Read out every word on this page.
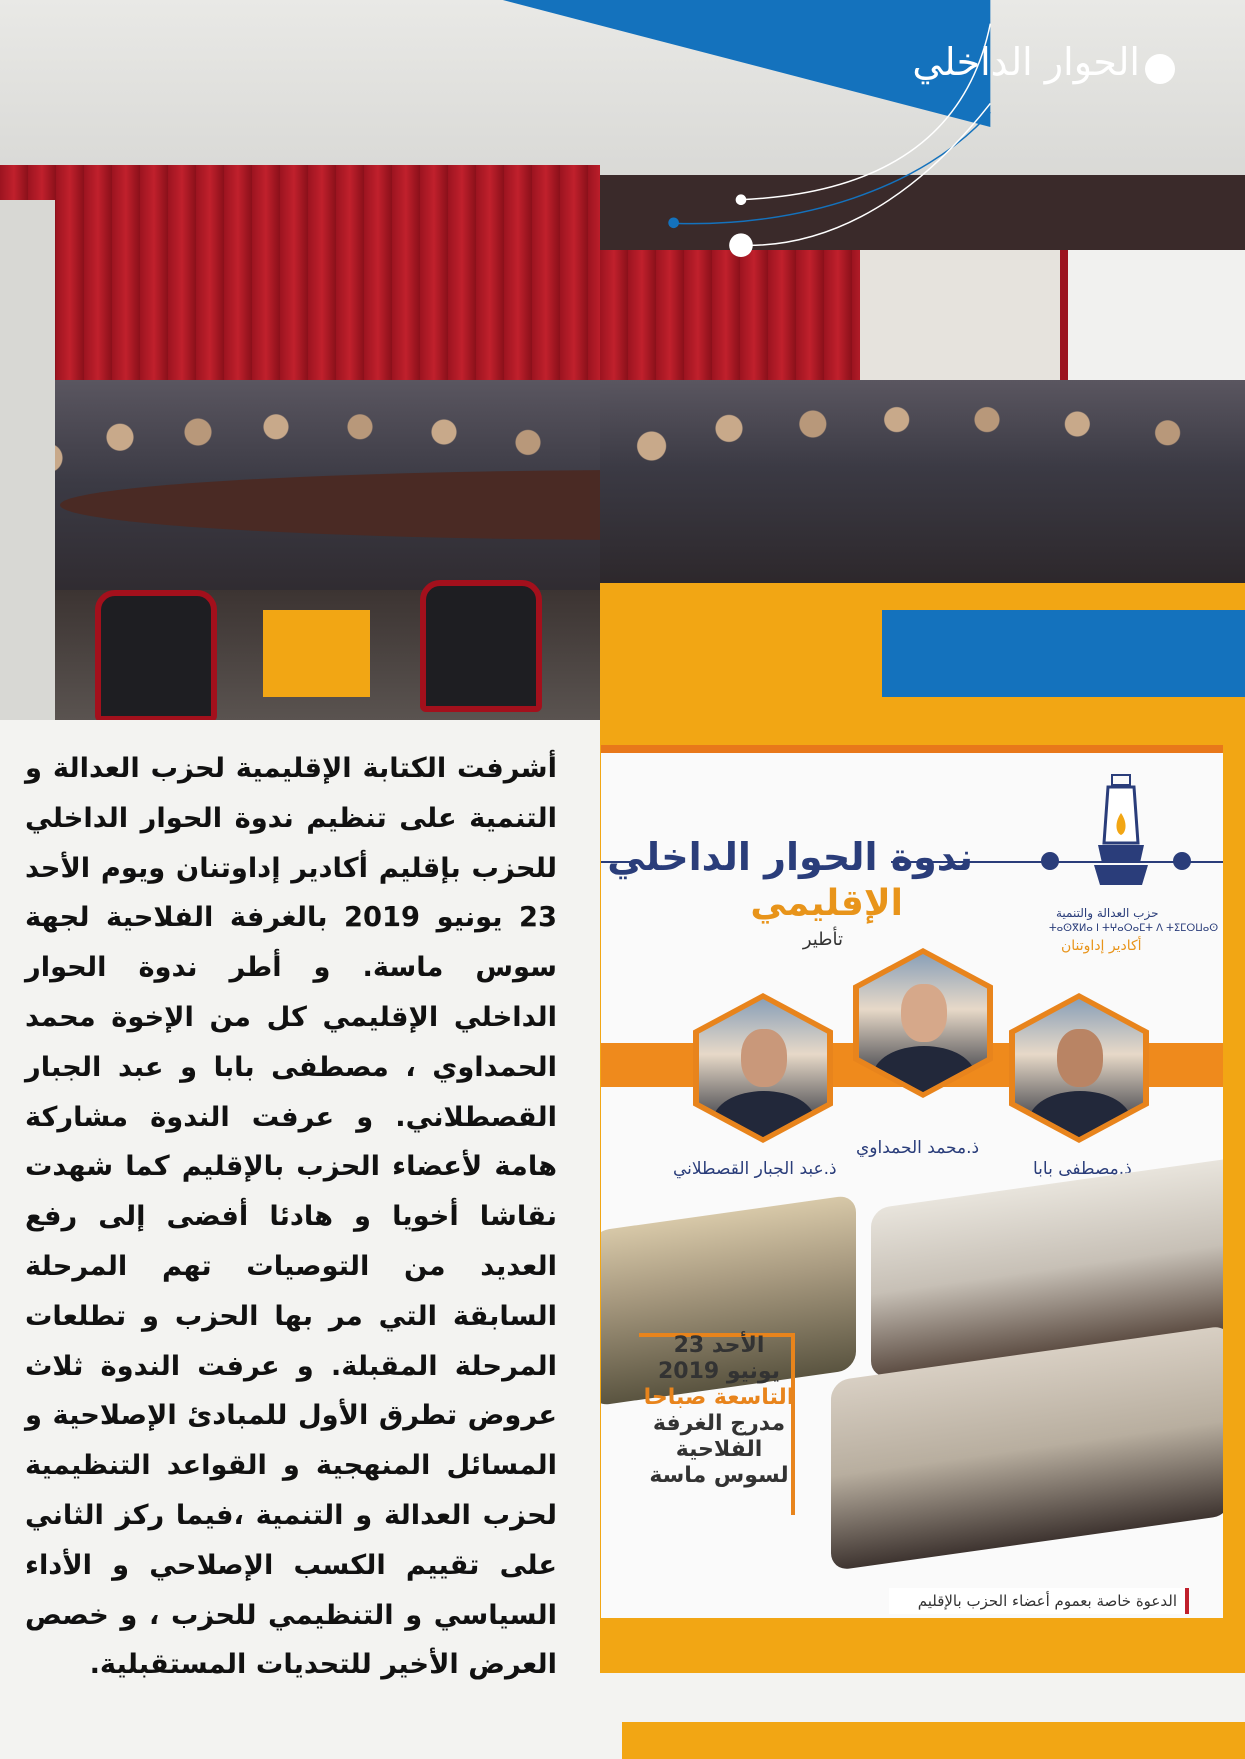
الحوار الداخلي
ندوة الحوار الداخلي
الإقليمي
تأطير
حزب العدالة والتنمية
ⵜⴰⵙⴳⵍⴰ ⵏ ⵜⵖⴰⵔⴰⵎⵜ ⴷ ⵜⵉⵎⵔⵡⴰⵙ
أكادير إداوتنان
ذ.عبد الجبار القصطلاني
ذ.محمد الحمداوي
ذ.مصطفى بابا
الأحد 23
يونيو 2019
التاسعة صباحا
مدرج الغرفة
الفلاحية
لسوس ماسة
الدعوة خاصة بعموم أعضاء الحزب بالإقليم
أشرفت الكتابة الإقليمية لحزب العدالة و التنمية على تنظيم ندوة الحوار الداخلي للحزب بإقليم أكادير إداوتنان ويوم الأحد 23 يونيو 2019 بالغرفة الفلاحية لجهة سوس ماسة. و أطر ندوة الحوار الداخلي الإقليمي كل من الإخوة محمد الحمداوي ، مصطفى بابا و عبد الجبار القصطلاني. و عرفت الندوة مشاركة هامة لأعضاء الحزب بالإقليم كما شهدت نقاشا أخويا و هادئا أفضى إلى رفع العديد من التوصيات تهم المرحلة السابقة التي مر بها الحزب و تطلعات المرحلة المقبلة. و عرفت الندوة ثلاث عروض تطرق الأول للمبادئ الإصلاحية و المسائل المنهجية و القواعد التنظيمية لحزب العدالة و التنمية ،فيما ركز الثاني على تقييم الكسب الإصلاحي و الأداء السياسي و التنظيمي للحزب ، و خصص العرض الأخير للتحديات المستقبلية.
